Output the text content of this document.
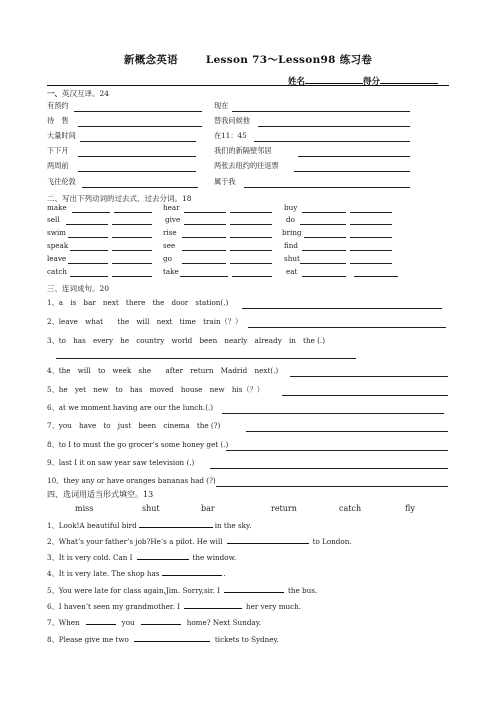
新概念英语	Lesson 73～Lesson98 练习卷
姓名	得分
一、英汉互译。24
有预约	现在
待　售	替我问候他
大量时间	在11：45
下下月	我们的新隔壁邻居
两周前	两张去纽约的往返票
飞往伦敦	属于我
二、写出下列动词的过去式、过去分词。18
make	hear	buy
sell	give	do
swim	rise	bring
speak	see	find
leave	go	shut
catch	take	eat
三、连词成句。20
1、a　is　bar　next　there　the　door　station(.)
2、leave　what　　the　will　next　time　train（？）
3、to　has　every　he　country　world　been　nearly　already　in　the (.)
4、the　will　to　week　she　　after　return　Madrid　next(.)
5、he　yet　new　to　has　moved　house　new　his（？）
6、at we moment having are our the lunch.(.)
7、you　have　to　just　been　cinema　the (?)
8、to I to must the go grocer’s some honey get (.)
9、last I it on saw year saw television (.)
10、they any or have oranges bananas had (?)
四、选词用适当形式填空。13
miss	shut	bar	return	catch	fly
1、Look!A beautiful bird	in the sky.
2、What’s your father’s job?He’s a pilot. He will	to London.
3、It is very cold. Can I	the window.
4、It is very late. The shop has	.
5、You were late for class again,Jim. Sorry,sir. I	the bus.
6、I haven’t seen my grandmother. I	her very much.
7、When	you	home? Next Sunday.
8、Please give me two	tickets to Sydney.
